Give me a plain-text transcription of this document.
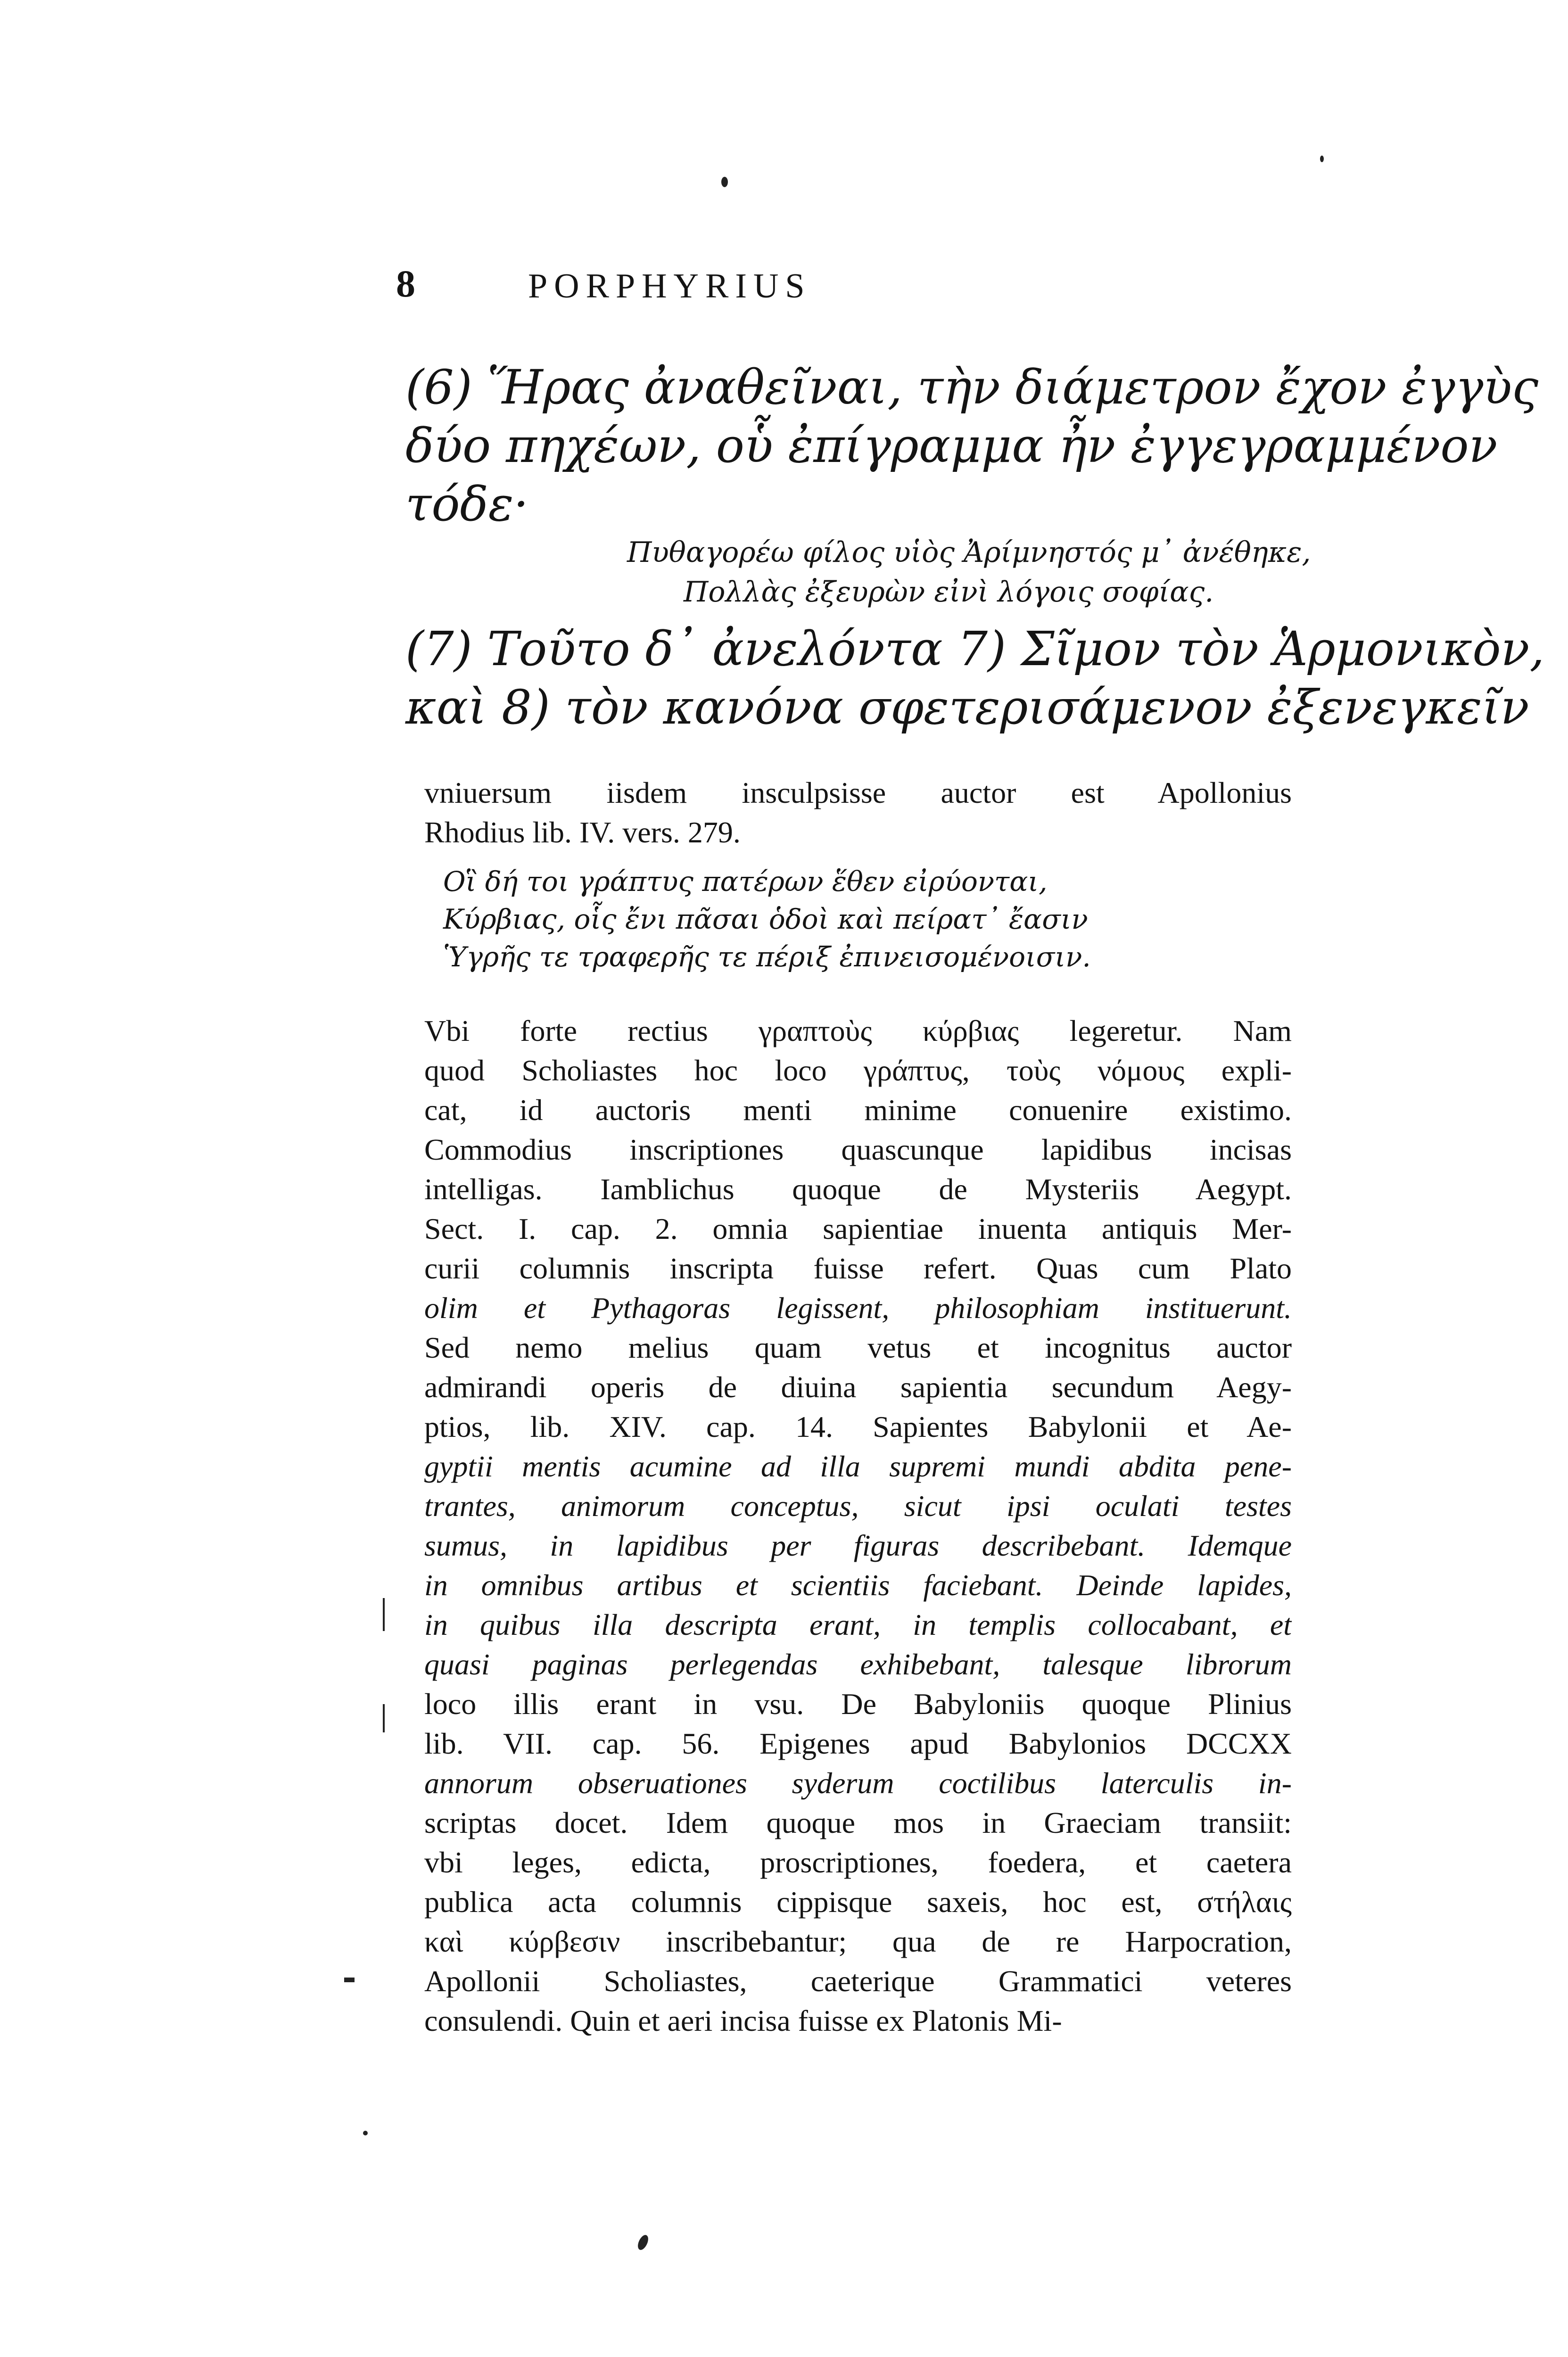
8	PORPHYRIUS
(6) Ἥρας ἀναθεῖναι, τὴν διάμετρον ἔχον ἐγγὺς
δύο πηχέων, οὗ ἐπίγραμμα ἦν ἐγγεγραμμένον
τόδε·
Πυθαγορέω φίλος υἱὸς Ἀρίμνηστός μ᾽ ἀνέθηκε,
Πολλὰς ἐξευρὼν εἰνὶ λόγοις σοφίας.
(7) Τοῦτο δ᾽ ἀνελόντα 7) Σῖμον τὸν Ἁρμονικὸν,
καὶ 8) τὸν κανόνα σφετερισάμενον ἐξενεγκεῖν
vniuersum iisdem insculpsisse auctor est Apollonius
Rhodius lib. IV. vers. 279.
Οἳ δή τοι γράπτυς πατέρων ἕθεν εἰρύονται,
Κύρβιας, οἷς ἔνι πᾶσαι ὁδοὶ καὶ πείρατ᾽ ἔασιν
Ὑγρῆς τε τραφερῆς τε πέριξ ἐπινεισομένοισιν.
Vbi forte rectius γραπτοὺς κύρβιας legeretur. Nam
quod Scholiastes hoc loco γράπτυς, τοὺς νόμους expli-
cat, id auctoris menti minime conuenire existimo.
Commodius inscriptiones quascunque lapidibus incisas
intelligas. Iamblichus quoque de Mysteriis Aegypt.
Sect. I. cap. 2. omnia sapientiae inuenta antiquis Mer-
curii columnis inscripta fuisse refert. Quas cum Plato
olim et Pythagoras legissent, philosophiam instituerunt.
Sed nemo melius quam vetus et incognitus auctor
admirandi operis de diuina sapientia secundum Aegy-
ptios, lib. XIV. cap. 14. Sapientes Babylonii et Ae-
gyptii mentis acumine ad illa supremi mundi abdita pene-
trantes, animorum conceptus, sicut ipsi oculati testes
sumus, in lapidibus per figuras describebant. Idemque
in omnibus artibus et scientiis faciebant. Deinde lapides,
in quibus illa descripta erant, in templis collocabant, et
quasi paginas perlegendas exhibebant, talesque librorum
loco illis erant in vsu. De Babyloniis quoque Plinius
lib. VII. cap. 56. Epigenes apud Babylonios DCCXX
annorum obseruationes syderum coctilibus laterculis in-
scriptas docet. Idem quoque mos in Graeciam transiit:
vbi leges, edicta, proscriptiones, foedera, et caetera
publica acta columnis cippisque saxeis, hoc est, στήλαις
καὶ κύρβεσιν inscribebantur; qua de re Harpocration,
Apollonii Scholiastes, caeterique Grammatici veteres
consulendi. Quin et aeri incisa fuisse ex Platonis Mi-
